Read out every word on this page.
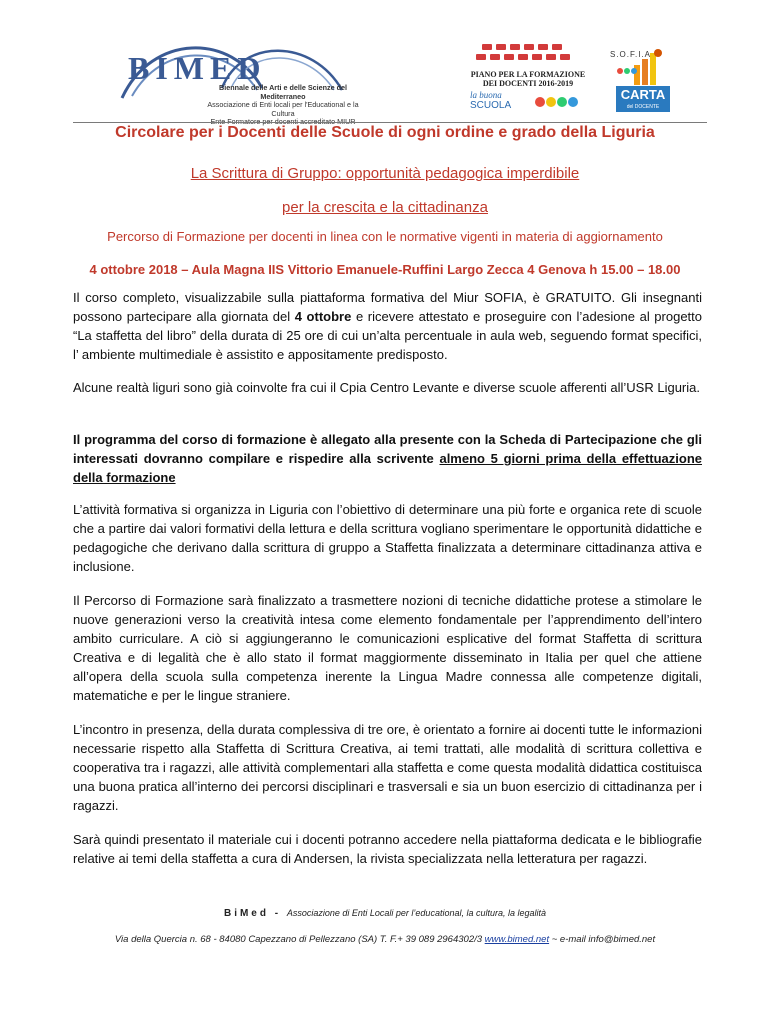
BIMED
Biennale delle Arti e delle Scienze del Mediterraneo
Associazione di Enti locali per l'Educational e la Cultura
Ente Formatore per docenti accreditato MIUR
PIANO PER LA FORMAZIONE DEI DOCENTI 2016-2019
la buona
SCUOLA
S.O.F.I.A
CARTA
del DOCENTE
Circolare per i Docenti delle Scuole di ogni ordine e grado della Liguria
La Scrittura di Gruppo: opportunità pedagogica imperdibile
per la crescita e la cittadinanza
Percorso di Formazione per docenti in linea con le normative vigenti in materia di aggiornamento
4 ottobre 2018 – Aula Magna IIS Vittorio Emanuele-Ruffini Largo Zecca 4 Genova h 15.00 – 18.00
Il corso completo, visualizzabile sulla piattaforma formativa del Miur SOFIA, è GRATUITO. Gli insegnanti possono partecipare alla giornata del 4 ottobre e ricevere attestato e proseguire con l’adesione al progetto “La staffetta del libro” della durata di 25 ore di cui un’alta percentuale in aula web, seguendo format specifici, l’ ambiente multimediale è assistito e appositamente predisposto.
Alcune realtà liguri sono già coinvolte fra cui il Cpia Centro Levante e diverse scuole afferenti all’USR Liguria.
Il programma del corso di formazione è allegato alla presente con la Scheda di Partecipazione che gli interessati dovranno compilare e rispedire alla scrivente almeno 5 giorni prima della effettuazione della formazione
L’attività formativa si organizza in Liguria con l’obiettivo di determinare una più forte e organica rete di scuole che a partire dai valori formativi della lettura e della scrittura vogliano sperimentare le opportunità didattiche e pedagogiche che derivano dalla scrittura di gruppo a Staffetta finalizzata a determinare cittadinanza attiva e inclusione.
Il Percorso di Formazione sarà finalizzato a trasmettere nozioni di tecniche didattiche protese a stimolare le nuove generazioni verso la creatività intesa come elemento fondamentale per l’apprendimento dell’intero ambito curriculare. A ciò si aggiungeranno le comunicazioni esplicative del format Staffetta di scrittura Creativa e di legalità che è allo stato il format maggiormente disseminato in Italia per quel che attiene all’opera della scuola sulla competenza inerente la Lingua Madre connessa alle competenze digitali, matematiche e per le lingue straniere.
L’incontro in presenza, della durata complessiva di tre ore, è orientato a fornire ai docenti tutte le informazioni necessarie rispetto alla Staffetta di Scrittura Creativa, ai temi trattati, alle modalità di scrittura collettiva e cooperativa tra i ragazzi, alle attività complementari alla staffetta e come questa modalità didattica costituisca una buona pratica all’interno dei percorsi disciplinari e trasversali e sia un buon esercizio di cittadinanza per i ragazzi.
Sarà quindi presentato il materiale cui i docenti potranno accedere nella piattaforma dedicata e le bibliografie relative ai temi della staffetta a cura di Andersen, la rivista specializzata nella letteratura per ragazzi.
BiMed - Associazione di Enti Locali per l’educational, la cultura, la legalità
Via della Quercia n. 68 - 84080 Capezzano di Pellezzano (SA) T. F.+ 39 089 2964302/3 www.bimed.net ~ e-mail info@bimed.net
